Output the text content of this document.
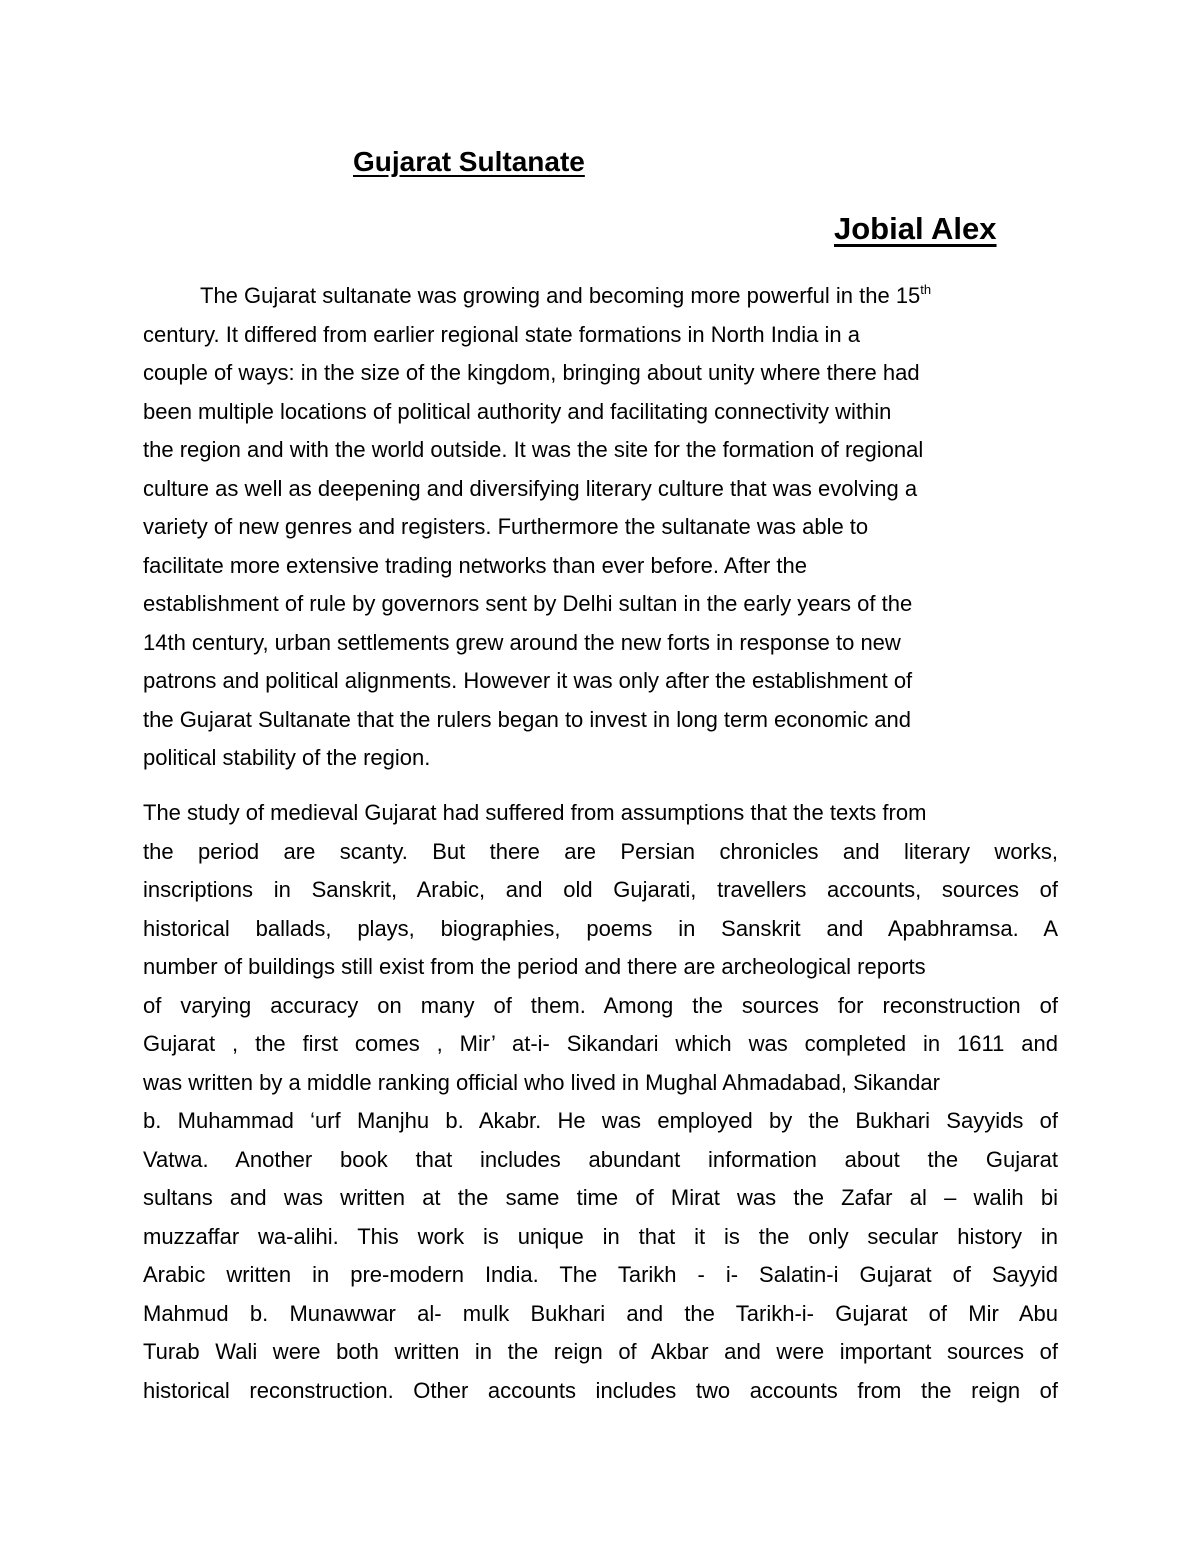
Gujarat Sultanate
Jobial Alex
The Gujarat sultanate was growing and becoming more powerful in the 15th
century. It differed from earlier regional state formations in North India in a
couple of ways: in the size of the kingdom, bringing about unity where there had
been multiple locations of political authority and facilitating connectivity within
the region and with the world outside. It was the site for the formation of regional
culture as well as deepening and diversifying literary culture that was evolving a
variety of new genres and registers. Furthermore the sultanate was able to
facilitate more extensive trading networks than ever before. After the
establishment of rule by governors sent by Delhi sultan in the early years of the
14th century, urban settlements grew around the new forts in response to new
patrons and political alignments. However it was only after the establishment of
the Gujarat Sultanate that the rulers began to invest in long term economic and
political stability of the region.
The study of medieval Gujarat had suffered from assumptions that the texts from
the period are scanty. But there are Persian chronicles and literary works,
inscriptions in Sanskrit, Arabic, and old Gujarati, travellers accounts, sources of
historical ballads, plays, biographies, poems in Sanskrit and Apabhramsa. A
number of buildings still exist from the period and there are archeological reports
of varying accuracy on many of them. Among the sources for reconstruction of
Gujarat , the first comes , Mir’ at-i- Sikandari which was completed in 1611 and
was written by a middle ranking official who lived in Mughal Ahmadabad, Sikandar
b. Muhammad ‘urf Manjhu b. Akabr. He was employed by the Bukhari Sayyids of
Vatwa. Another book that includes abundant information about the Gujarat
sultans and was written at the same time of Mirat was the Zafar al – walih bi
muzzaffar wa-alihi. This work is unique in that it is the only secular history in
Arabic written in pre-modern India. The Tarikh - i- Salatin-i Gujarat of Sayyid
Mahmud b. Munawwar al- mulk Bukhari and the Tarikh-i- Gujarat of Mir Abu
Turab Wali were both written in the reign of Akbar and were important sources of
historical reconstruction. Other accounts includes two accounts from the reign of
